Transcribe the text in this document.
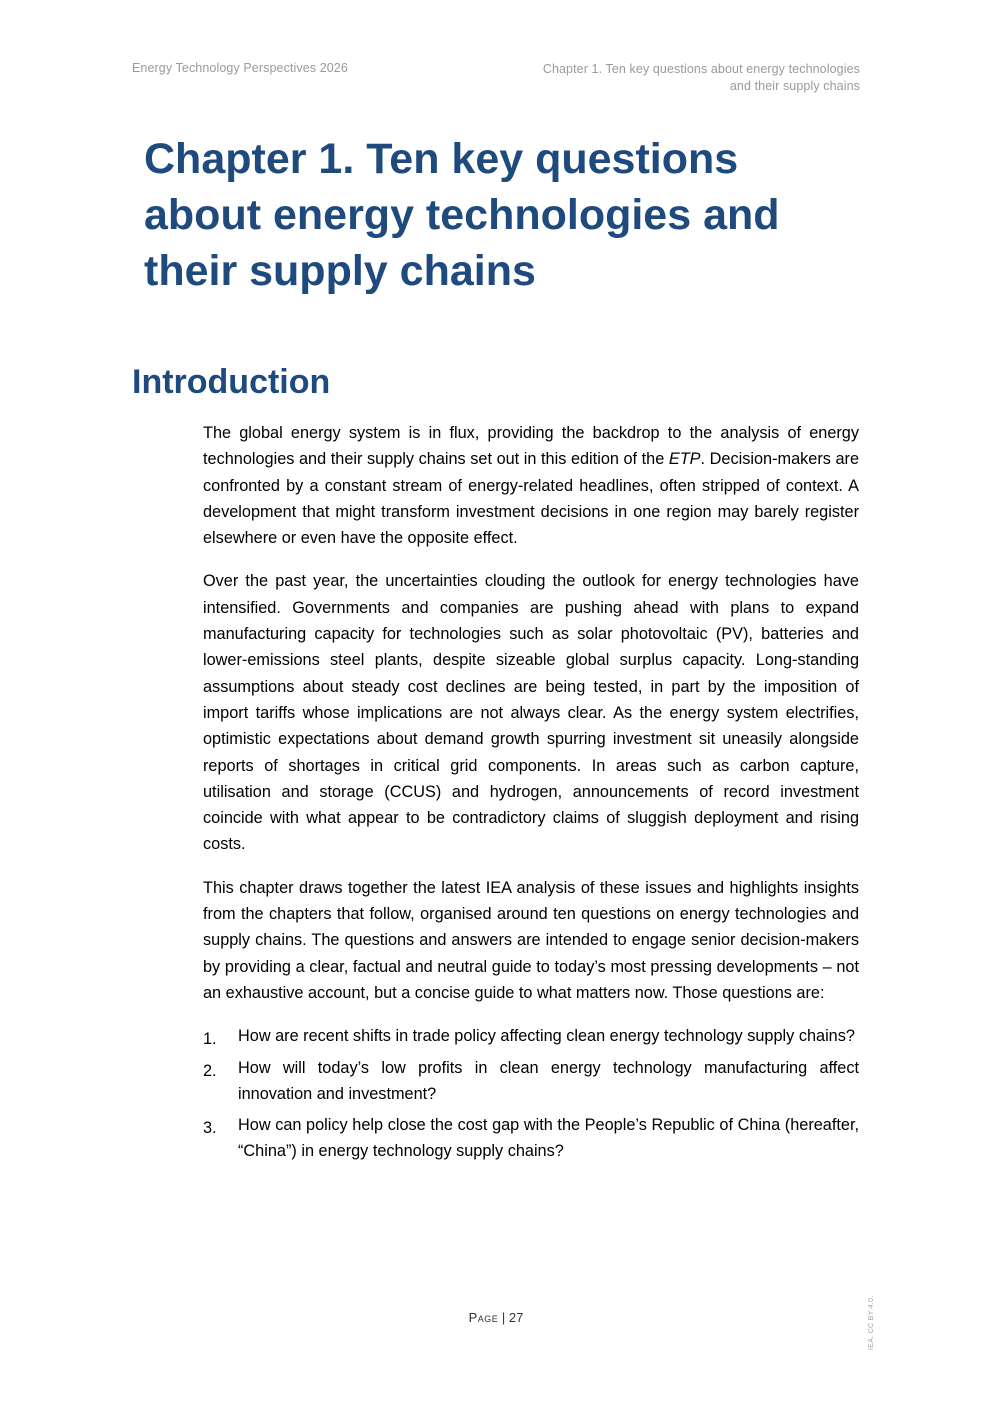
Energy Technology Perspectives 2026	Chapter 1. Ten key questions about energy technologies
and their supply chains
Chapter 1. Ten key questions
about energy technologies and
their supply chains
Introduction

The global energy system is in flux, providing the backdrop to the analysis of energy technologies and their supply chains set out in this edition of the ETP. Decision-makers are confronted by a constant stream of energy-related headlines, often stripped of context. A development that might transform investment decisions in one region may barely register elsewhere or even have the opposite effect.

Over the past year, the uncertainties clouding the outlook for energy technologies have intensified. Governments and companies are pushing ahead with plans to expand manufacturing capacity for technologies such as solar photovoltaic (PV), batteries and lower-emissions steel plants, despite sizeable global surplus capacity. Long-standing assumptions about steady cost declines are being tested, in part by the imposition of import tariffs whose implications are not always clear. As the energy system electrifies, optimistic expectations about demand growth spurring investment sit uneasily alongside reports of shortages in critical grid components. In areas such as carbon capture, utilisation and storage (CCUS) and hydrogen, announcements of record investment coincide with what appear to be contradictory claims of sluggish deployment and rising costs.

This chapter draws together the latest IEA analysis of these issues and highlights insights from the chapters that follow, organised around ten questions on energy technologies and supply chains. The questions and answers are intended to engage senior decision-makers by providing a clear, factual and neutral guide to today’s most pressing developments – not an exhaustive account, but a concise guide to what matters now. Those questions are:

1. How are recent shifts in trade policy affecting clean energy technology supply chains?
2. How will today’s low profits in clean energy technology manufacturing affect innovation and investment?
3. How can policy help close the cost gap with the People’s Republic of China (hereafter, “China”) in energy technology supply chains?
Page | 27	IEA. CC BY 4.0.
